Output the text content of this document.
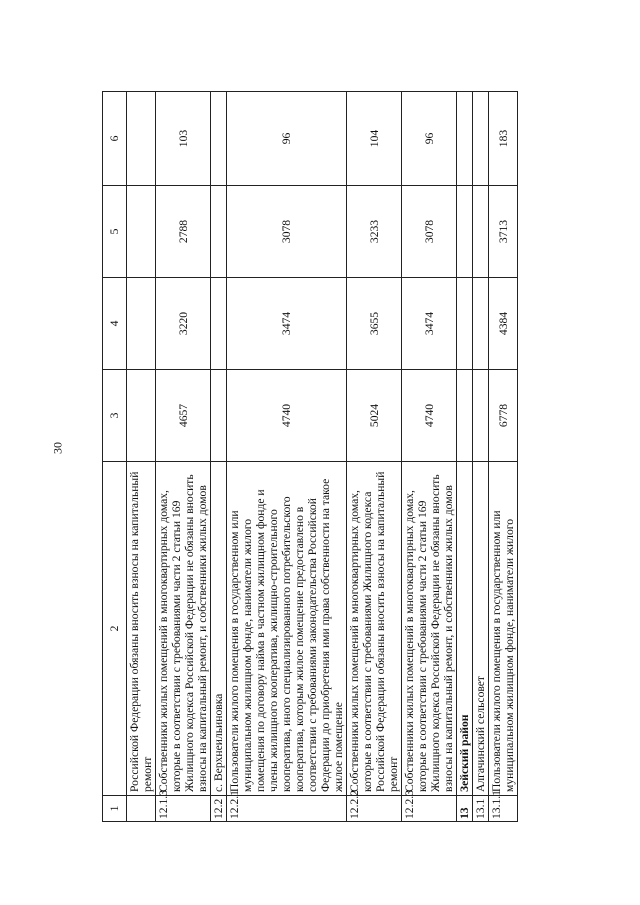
30
1	2	3	4	5	6
	Российской Федерации обязаны вносить взносы на капитальный ремонт				
12.1.3	Собственники жилых помещений в многоквартирных домах, которые в соответствии с требованиями части 2 статьи 169 Жилищного кодекса Российской Федерации не обязаны вносить взносы на капитальный ремонт, и собственники жилых домов	4657	3220	2788	103
12.2	с. Верхнеильиновка				
12.2.1	Пользователи жилого помещения в государственном или муниципальном жилищном фонде, наниматели жилого помещения по договору найма в частном жилищном фонде и члены жилищного кооператива, жилищно-строительного кооператива, иного специализированного потребительского кооператива, которым жилое помещение предоставлено в соответствии с требованиями законодательства Российской Федерации до приобретения ими права собственности на такое жилое помещение	4740	3474	3078	96
12.2.2	Собственники жилых помещений в многоквартирных домах, которые в соответствии с требованиями Жилищного кодекса Российской Федерации обязаны вносить взносы на капитальный ремонт	5024	3655	3233	104
12.2.3	Собственники жилых помещений в многоквартирных домах, которые в соответствии с требованиями части 2 статьи 169 Жилищного кодекса Российской Федерации не обязаны вносить взносы на капитальный ремонт, и собственники жилых домов	4740	3474	3078	96
13	Зейский район				
13.1	Алгачинский сельсовет				
13.1.1	Пользователи жилого помещения в государственном или муниципальном жилищном фонде, наниматели жилого	6778	4384	3713	183
